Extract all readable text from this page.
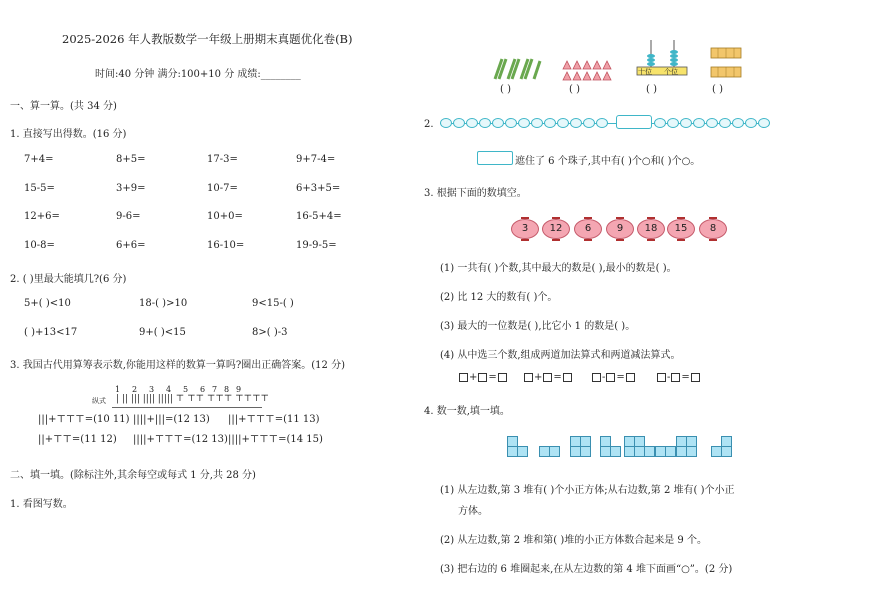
2025-2026 年人教版数学一年级上册期末真题优化卷(B)
时间:40 分钟 满分:100+10 分 成绩:________
一、算一算。(共 34 分)
1. 直接写出得数。(16 分)
7+4=	8+5=	17-3=	9+7-4=
15-5=	3+9=	10-7=	6+3+5=
12+6=	9-6=	10+0=	16-5+4=
10-8=	6+6=	16-10=	19-9-5=
2. ( )里最大能填几?(6 分)
5+( )<10	18-( )>10	9<15-( )
( )+13<17	9+( )<15	8>( )-3
3. 我国古代用算筹表示数,你能用这样的数算一算吗?圈出正确答案。(12 分)
1 2 3 4 5 6 7 8 9
纵式 | || ||| |||| ||||| ⊤ ⊤⊤ ⊤⊤⊤ ⊤⊤⊤⊤
|||+⊤⊤⊤=(10 11) ||||+|||=(12 13) |||+⊤⊤⊤=(11 13)
||+⊤⊤=(11 12) ||||+⊤⊤⊤=(12 13) ||||+⊤⊤⊤=(14 15)
二、填一填。(除标注外,其余每空或每式 1 分,共 28 分)
1. 看图写数。
十位 个位
( )	( )	( )	( )
2.
遮住了 6 个珠子,其中有( )个○和( )个○。
3. 根据下面的数填空。
3	12	6	9	18	15	8
(1) 一共有( )个数,其中最大的数是( ),最小的数是( )。
(2) 比 12 大的数有( )个。
(3) 最大的一位数是( ),比它小 1 的数是( )。
(4) 从中选三个数,组成两道加法算式和两道减法算式。
+ =	+ =	- =	- =
4. 数一数,填一填。
(1) 从左边数,第 3 堆有( )个小正方体;从右边数,第 2 堆有( )个小正
方体。
(2) 从左边数,第 2 堆和第( )堆的小正方体数合起来是 9 个。
(3) 把右边的 6 堆圈起来,在从左边数的第 4 堆下面画“○”。(2 分)
